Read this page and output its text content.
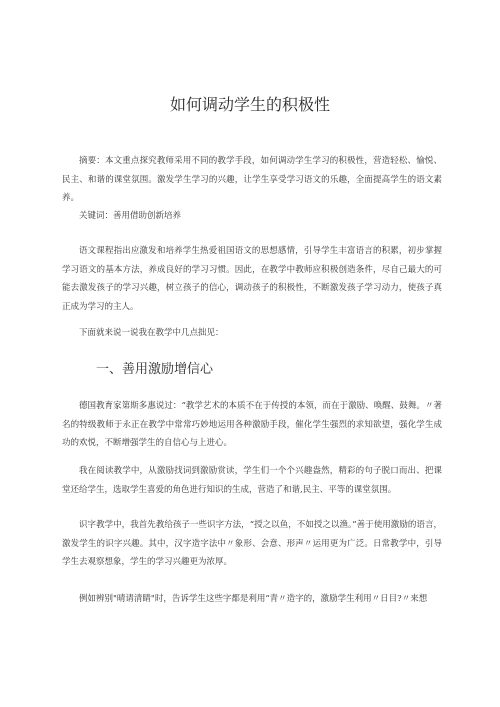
如何调动学生的积极性

摘要：本文重点探究教师采用不同的教学手段，如何调动学生学习的积极性，营造轻松、愉悦、民主、和谐的课堂氛围。激发学生学习的兴趣，让学生享受学习语文的乐趣，全面提高学生的语文素养。

关键词：善用借助创新培养

语文课程指出应激发和培养学生热爱祖国语文的思想感情，引导学生丰富语言的积累，初步掌握学习语文的基本方法，养成良好的学习习惯。因此，在教学中教师应积极创造条件，尽自己最大的可能去激发孩子的学习兴趣，树立孩子的信心，调动孩子的积极性，不断激发孩子学习动力，使孩子真正成为学习的主人。

下面就来说一说我在教学中几点拙见：

一、善用激励增信心

德国教育家第斯多惠说过：“教学艺术的本质不在于传授的本领，而在于激励、唤醒、鼓舞。〃著名的特级教师于永正在教学中常常巧妙地运用各种激励手段，催化学生强烈的求知欲望，强化学生成功的欢悦，不断增强学生的自信心与上进心。

我在阅读教学中，从激励找词到激励赏读，学生们一个个兴趣盎然，精彩的句子脱口而出、把课堂还给学生，选取学生喜爱的角色进行知识的生成，营造了和谐,民主、平等的课堂氛围。

识字教学中，我首先教给孩子一些识字方法，“授之以鱼，不如授之以渔。”善于使用激励的语言，激发学生的识字兴趣。其中，汉字造字法中〃象形、会意、形声〃运用更为广泛。日常教学中，引导学生去观察想象，学生的学习兴趣更为浓厚。

例如辨别"晴请清睛"时，告诉学生这些字都是利用“青〃造字的，激励学生利用〃日目?〃来想
